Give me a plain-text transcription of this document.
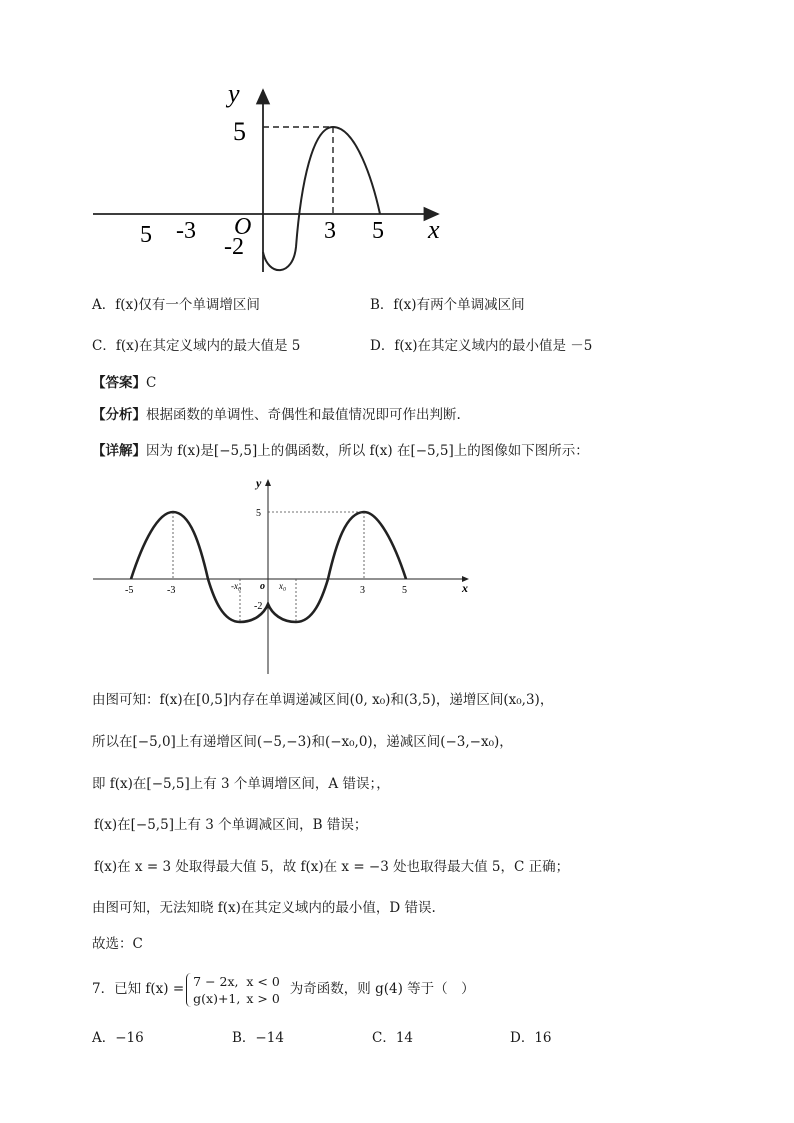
y
x
5
-2
O
5 -3	3 5
A．f(x)仅有一个单调增区间	B．f(x)有两个单调减区间
C．f(x)在其定义域内的最大值是 5	D．f(x)在其定义域内的最小值是 －5
【答案】C
【分析】根据函数的单调性、奇偶性和最值情况即可作出判断.
【详解】因为 f(x)是[−5,5]上的偶函数，所以 f(x) 在[−5,5]上的图像如下图所示：
y
x
5
-2
o
-5	-3	-x₀	x₀	3	5
由图可知：f(x)在[0,5]内存在单调递减区间(0, x₀)和(3,5)，递增区间(x₀,3)，
所以在[−5,0]上有递增区间(−5,−3)和(−x₀,0)，递减区间(−3,−x₀)，
即 f(x)在[−5,5]上有 3 个单调增区间，A 错误；，
f(x)在[−5,5]上有 3 个单调减区间，B 错误；
f(x)在 x = 3 处取得最大值 5，故 f(x)在 x = −3 处也取得最大值 5，C 正确；
由图可知，无法知晓 f(x)在其定义域内的最小值，D 错误.
故选：C
7．已知 f(x) = 7 − 2x,	x < 0
g(x)+1,	x > 0为奇函数，则 g(4) 等于（　）
A．−16	B．−14	C．14	D．16
